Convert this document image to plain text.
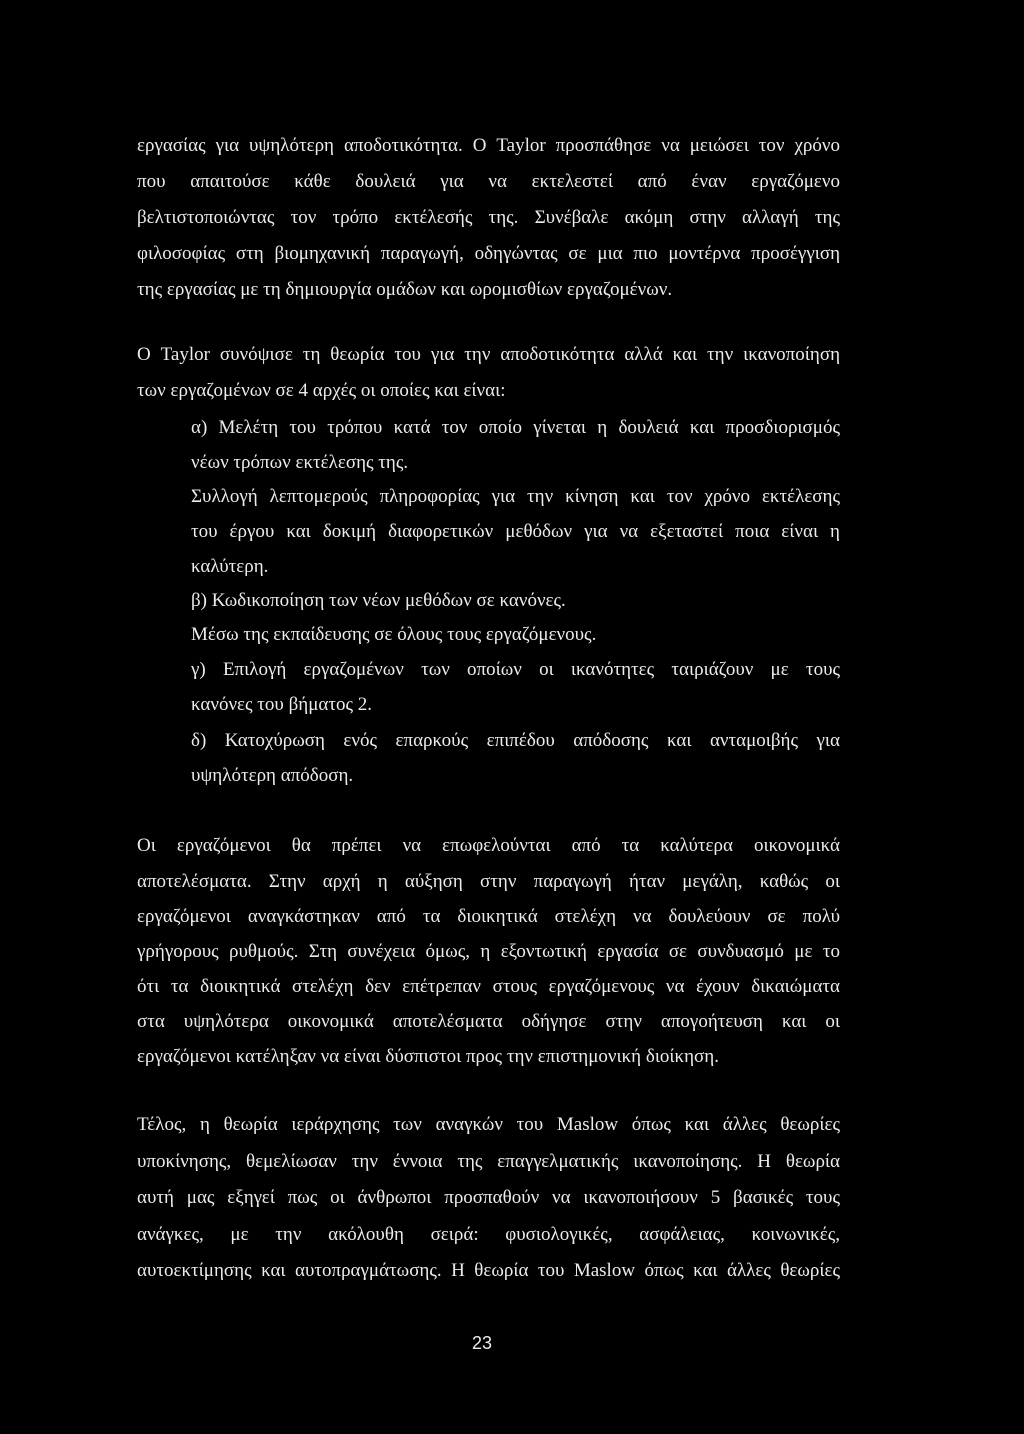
εργασίας για υψηλότερη αποδοτικότητα. Ο Taylor προσπάθησε να μειώσει τον χρόνο
που απαιτούσε κάθε δουλειά για να εκτελεστεί από έναν εργαζόμενο
βελτιστοποιώντας τον τρόπο εκτέλεσής της. Συνέβαλε ακόμη στην αλλαγή της
φιλοσοφίας στη βιομηχανική παραγωγή, οδηγώντας σε μια πιο μοντέρνα προσέγγιση
της εργασίας με τη δημιουργία ομάδων και ωρομισθίων εργαζομένων.
Ο Taylor συνόψισε τη θεωρία του για την αποδοτικότητα αλλά και την ικανοποίηση
των εργαζομένων σε 4 αρχές οι οποίες και είναι:
α) Μελέτη του τρόπου κατά τον οποίο γίνεται η δουλειά και προσδιορισμός
νέων τρόπων εκτέλεσης της.
Συλλογή λεπτομερούς πληροφορίας για την κίνηση και τον χρόνο εκτέλεσης
του έργου και δοκιμή διαφορετικών μεθόδων για να εξεταστεί ποια είναι η
καλύτερη.
β) Κωδικοποίηση των νέων μεθόδων σε κανόνες.
Μέσω της εκπαίδευσης σε όλους τους εργαζόμενους.
γ) Επιλογή εργαζομένων των οποίων οι ικανότητες ταιριάζουν με τους
κανόνες του βήματος 2.
δ) Κατοχύρωση ενός επαρκούς επιπέδου απόδοσης και ανταμοιβής για
υψηλότερη απόδοση.
Οι εργαζόμενοι θα πρέπει να επωφελούνται από τα καλύτερα οικονομικά
αποτελέσματα. Στην αρχή η αύξηση στην παραγωγή ήταν μεγάλη, καθώς οι
εργαζόμενοι αναγκάστηκαν από τα διοικητικά στελέχη να δουλεύουν σε πολύ
γρήγορους ρυθμούς. Στη συνέχεια όμως, η εξοντωτική εργασία σε συνδυασμό με το
ότι τα διοικητικά στελέχη δεν επέτρεπαν στους εργαζόμενους να έχουν δικαιώματα
στα υψηλότερα οικονομικά αποτελέσματα οδήγησε στην απογοήτευση και οι
εργαζόμενοι κατέληξαν να είναι δύσπιστοι προς την επιστημονική διοίκηση.
Τέλος, η θεωρία ιεράρχησης των αναγκών του Maslow όπως και άλλες θεωρίες
υποκίνησης, θεμελίωσαν την έννοια της επαγγελματικής ικανοποίησης. Η θεωρία
αυτή μας εξηγεί πως οι άνθρωποι προσπαθούν να ικανοποιήσουν 5 βασικές τους
ανάγκες, με την ακόλουθη σειρά: φυσιολογικές, ασφάλειας, κοινωνικές,
αυτοεκτίμησης και αυτοπραγμάτωσης. Η θεωρία του Maslow όπως και άλλες θεωρίες
23
